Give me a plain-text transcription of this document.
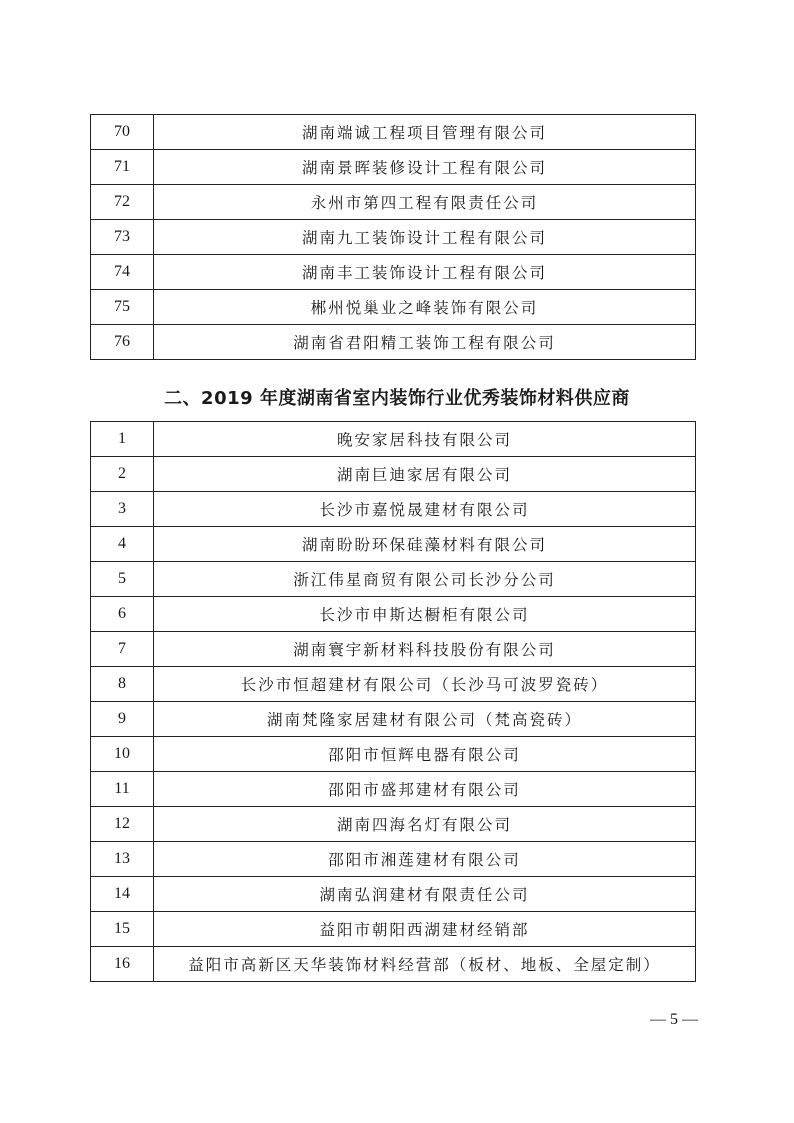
70	湖南端诚工程项目管理有限公司
71	湖南景晖装修设计工程有限公司
72	永州市第四工程有限责任公司
73	湖南九工装饰设计工程有限公司
74	湖南丰工装饰设计工程有限公司
75	郴州悦巢业之峰装饰有限公司
76	湖南省君阳精工装饰工程有限公司
二、2019 年度湖南省室内装饰行业优秀装饰材料供应商
1	晚安家居科技有限公司
2	湖南巨迪家居有限公司
3	长沙市嘉悦晟建材有限公司
4	湖南盼盼环保硅藻材料有限公司
5	浙江伟星商贸有限公司长沙分公司
6	长沙市申斯达橱柜有限公司
7	湖南寰宇新材料科技股份有限公司
8	长沙市恒超建材有限公司（长沙马可波罗瓷砖）
9	湖南梵隆家居建材有限公司（梵高瓷砖）
10	邵阳市恒辉电器有限公司
11	邵阳市盛邦建材有限公司
12	湖南四海名灯有限公司
13	邵阳市湘莲建材有限公司
14	湖南弘润建材有限责任公司
15	益阳市朝阳西湖建材经销部
16	益阳市高新区天华装饰材料经营部（板材、地板、全屋定制）
— 5 —
